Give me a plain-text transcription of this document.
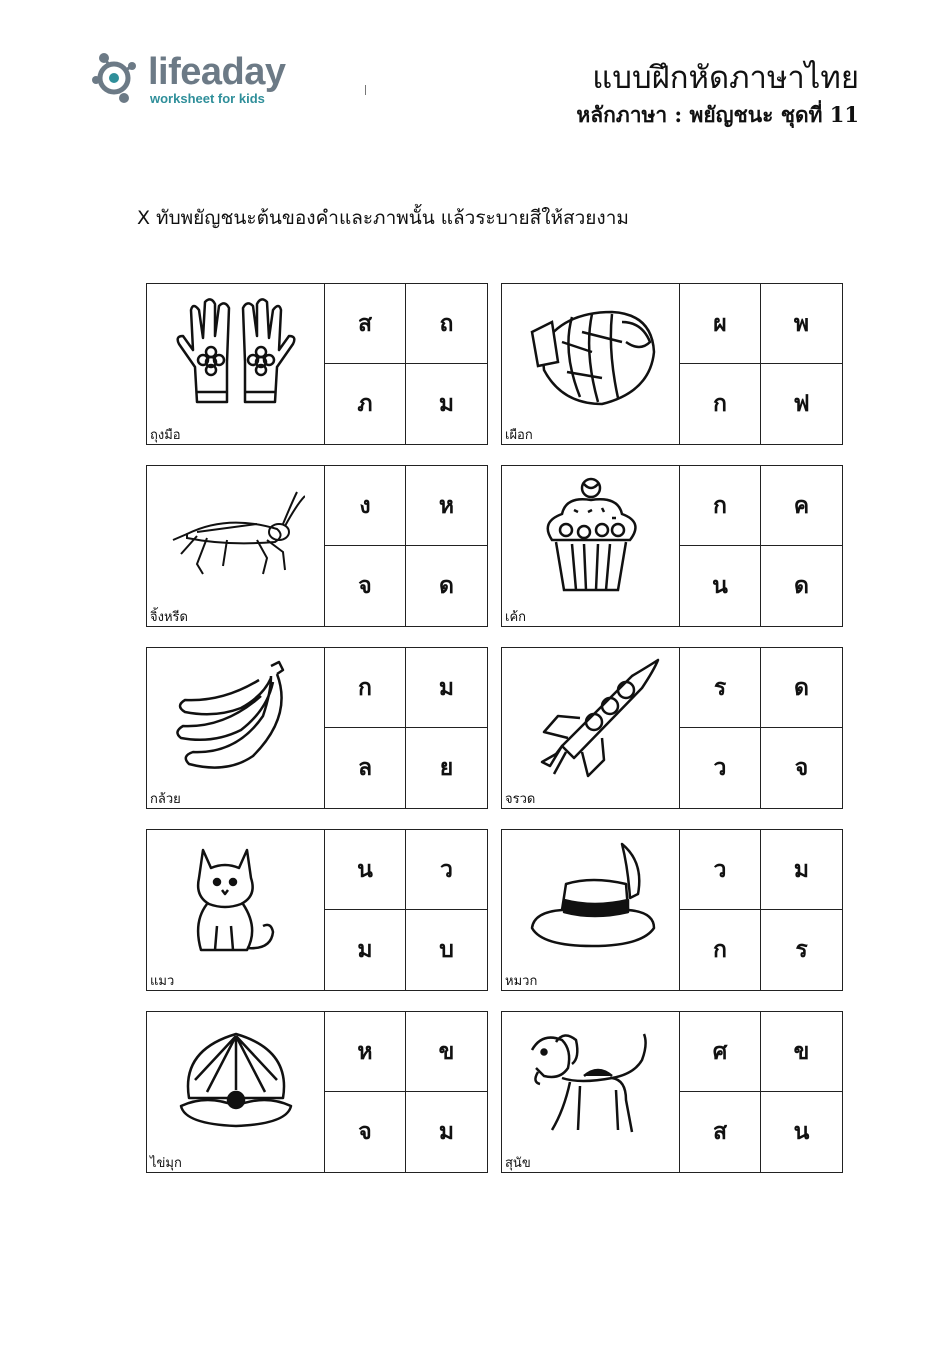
lifeaday
worksheet for kids
แบบฝึกหัดภาษาไทย
หลักภาษา : พยัญชนะ ชุดที่ 11
X ทับพยัญชนะต้นของคำและภาพนั้น แล้วระบายสีให้สวยงาม
ถุงมือ
ส	ถ
ภ	ม
เผือก
ผ	พ
ก	ฟ
จิ้งหรีด
ง	ห
จ	ด
เค้ก
ก	ค
น	ด
กล้วย
ก	ม
ล	ย
จรวด
ร	ด
ว	จ
แมว
น	ว
ม	บ
หมวก
ว	ม
ก	ร
ไข่มุก
ห	ข
จ	ม
สุนัข
ศ	ข
ส	น
